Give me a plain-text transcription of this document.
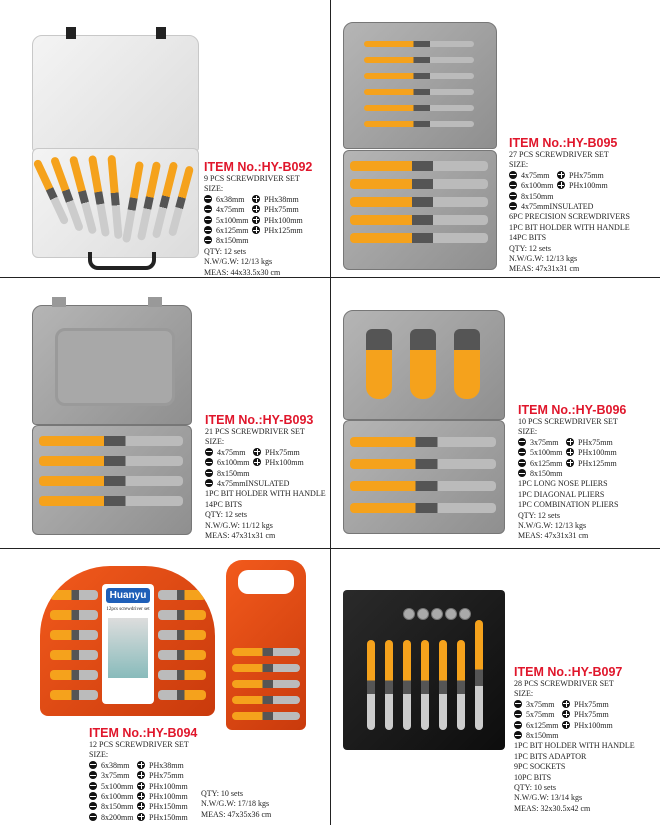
ITEM No.:HY-B092
9 PCS SCREWDRIVER SET
SIZE:
6x38mm	PHx38mm
4x75mm	PHx75mm
5x100mm	PHx100mm
6x125mm	PHx125mm
8x150mm
QTY: 12 sets
N.W/G.W: 12/13 kgs
MEAS: 44x33.5x30 cm
ITEM No.:HY-B095
27 PCS SCREWDRIVER SET
SIZE:
4x75mm	PHx75mm
6x100mm	PHx100mm
8x150mm
4x75mmINSULATED
6PC PRECISION SCREWDRIVERS
1PC BIT HOLDER WITH HANDLE
14PC BITS
QTY: 12 sets
N.W/G.W: 12/13 kgs
MEAS: 47x31x31 cm
ITEM No.:HY-B093
21 PCS SCREWDRIVER SET
SIZE:
4x75mm	PHx75mm
6x100mm	PHx100mm
8x150mm
4x75mmINSULATED
1PC BIT HOLDER WITH HANDLE
14PC BITS
QTY: 12 sets
N.W/G.W: 11/12 kgs
MEAS: 47x31x31 cm
ITEM No.:HY-B096
10 PCS SCREWDRIVER SET
SIZE:
3x75mm	PHx75mm
5x100mm	PHx100mm
6x125mm	PHx125mm
8x150mm
1PC LONG NOSE PLIERS
1PC DIAGONAL PLIERS
1PC COMBINATION PLIERS
QTY: 12 sets
N.W/G.W: 12/13 kgs
MEAS: 47x31x31 cm
Huanyu
12pcs screwdriver set
ITEM No.:HY-B094
12 PCS SCREWDRIVER SET
SIZE:
6x38mm	PHx38mm
3x75mm	PHx75mm
5x100mm	PHx100mm
6x100mm	PHx100mm
8x150mm	PHx150mm
8x200mm	PHx150mm
QTY: 10 sets
N.W/G.W: 17/18 kgs
MEAS: 47x35x36 cm
ITEM No.:HY-B097
28 PCS SCREWDRIVER SET
SIZE:
3x75mm	PHx75mm
5x75mm	PHx75mm
6x125mm	PHx100mm
8x150mm
1PC BIT HOLDER WITH HANDLE
1PC BITS ADAPTOR
9PC SOCKETS
10PC BITS
QTY: 10 sets
N.W/G.W: 13/14 kgs
MEAS: 32x30.5x42 cm
